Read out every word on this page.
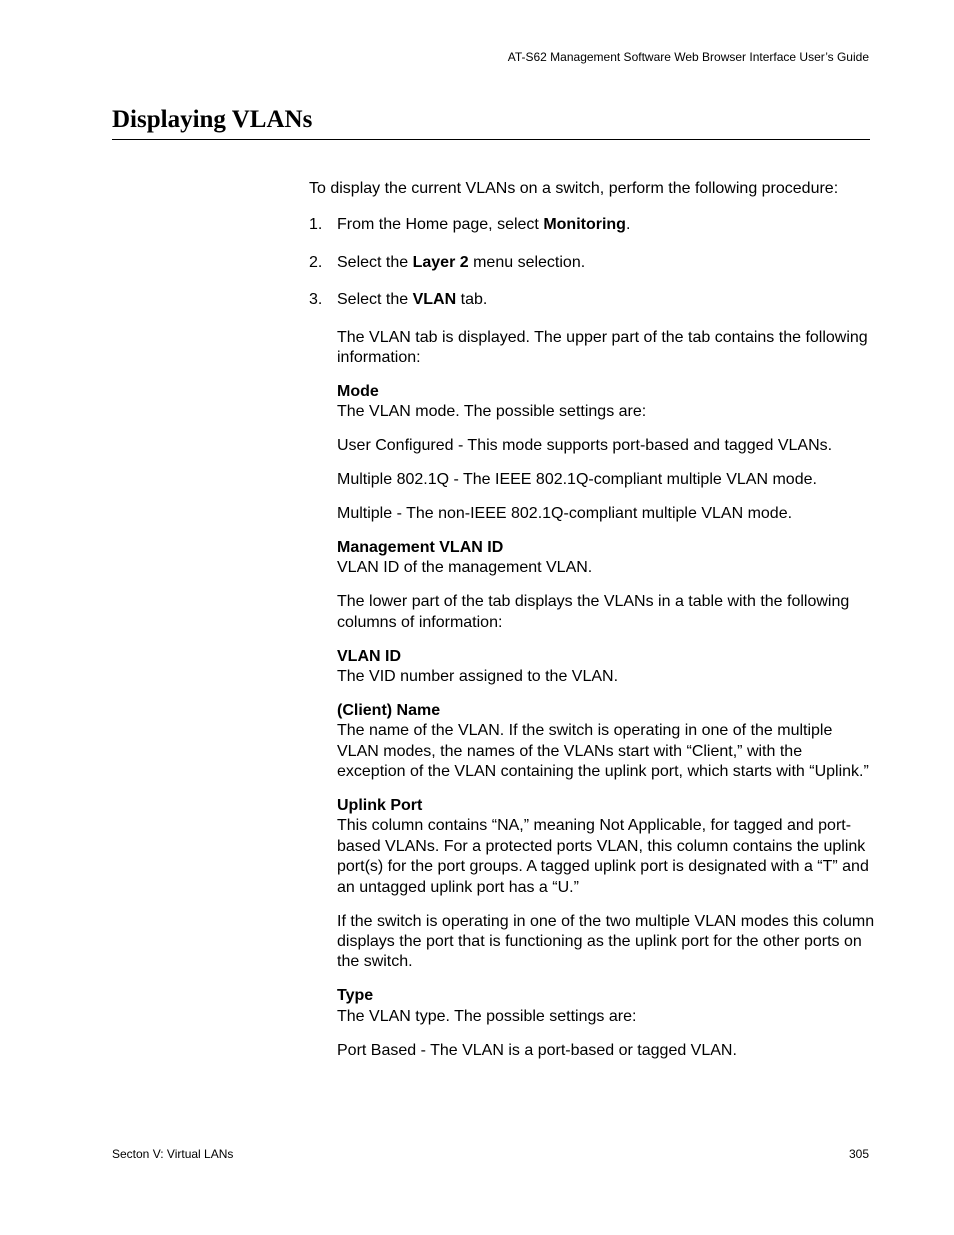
AT-S62 Management Software Web Browser Interface User’s Guide
Displaying VLANs

To display the current VLANs on a switch, perform the following procedure:

1. From the Home page, select Monitoring.
2. Select the Layer 2 menu selection.
3. Select the VLAN tab.

The VLAN tab is displayed. The upper part of the tab contains the following information:

Mode

The VLAN mode. The possible settings are:

User Configured - This mode supports port-based and tagged VLANs.

Multiple 802.1Q - The IEEE 802.1Q-compliant multiple VLAN mode.

Multiple - The non-IEEE 802.1Q-compliant multiple VLAN mode.

Management VLAN ID

VLAN ID of the management VLAN.

The lower part of the tab displays the VLANs in a table with the following columns of information:

VLAN ID

The VID number assigned to the VLAN.

(Client) Name

The name of the VLAN. If the switch is operating in one of the multiple VLAN modes, the names of the VLANs start with “Client,” with the exception of the VLAN containing the uplink port, which starts with “Uplink.”

Uplink Port

This column contains “NA,” meaning Not Applicable, for tagged and port-based VLANs. For a protected ports VLAN, this column contains the uplink port(s) for the port groups. A tagged uplink port is designated with a “T” and an untagged uplink port has a “U.”

If the switch is operating in one of the two multiple VLAN modes this column displays the port that is functioning as the uplink port for the other ports on the switch.

Type

The VLAN type. The possible settings are:

Port Based - The VLAN is a port-based or tagged VLAN.

Secton V: Virtual LANs	305
